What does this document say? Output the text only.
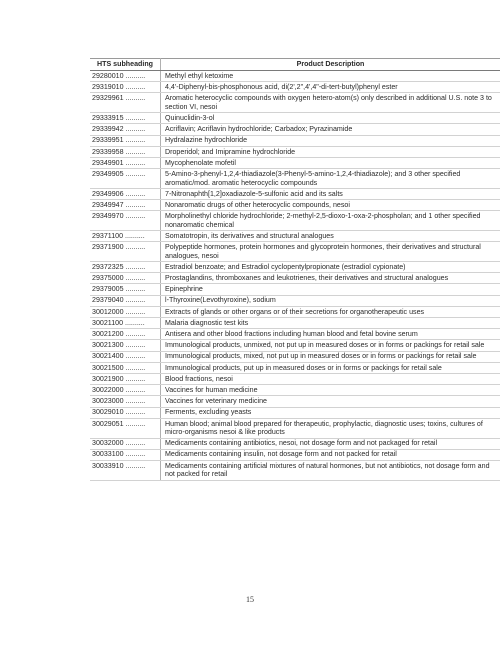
HTS subheading	Product Description
29280010 ..........	Methyl ethyl ketoxime
29319010 ..........	4,4'-Diphenyl-bis-phosphonous acid, di(2',2",4',4"-di-tert-butyl)phenyl ester
29329961 ..........	Aromatic heterocyclic compounds with oxygen hetero-atom(s) only described in additional U.S. note 3 to section VI, nesoi
29333915 ..........	Quinuclidin-3-ol
29339942 ..........	Acriflavin; Acriflavin hydrochloride; Carbadox; Pyrazinamide
29339951 ..........	Hydralazine hydrochloride
29339958 ..........	Droperidol; and Imipramine hydrochloride
29349901 ..........	Mycophenolate mofetil
29349905 ..........	5-Amino-3-phenyl-1,2,4-thiadiazole(3-Phenyl-5-amino-1,2,4-thiadiazole); and 3 other specified aromatic/mod. aromatic heterocyclic compounds
29349906 ..........	7-Nitronaphth[1,2]oxadiazole-5-sulfonic acid and its salts
29349947 ..........	Nonaromatic drugs of other heterocyclic compounds, nesoi
29349970 ..........	Morpholinethyl chloride hydrochloride; 2-methyl-2,5-dioxo-1-oxa-2-phospholan; and 1 other specified nonaromatic chemical
29371100 ..........	Somatotropin, its derivatives and structural analogues
29371900 ..........	Polypeptide hormones, protein hormones and glycoprotein hormones, their derivatives and structural analogues, nesoi
29372325 ..........	Estradiol benzoate; and Estradiol cyclopentylpropionate (estradiol cypionate)
29375000 ..........	Prostaglandins, thromboxanes and leukotrienes, their derivatives and structural analogues
29379005 ..........	Epinephrine
29379040 ..........	l-Thyroxine(Levothyroxine), sodium
30012000 ..........	Extracts of glands or other organs or of their secretions for organotherapeutic uses
30021100 ..........	Malaria diagnostic test kits
30021200 ..........	Antisera and other blood fractions including human blood and fetal bovine serum
30021300 ..........	Immunological products, unmixed, not put up in measured doses or in forms or packings for retail sale
30021400 ..........	Immunological products, mixed, not put up in measured doses or in forms or packings for retail sale
30021500 ..........	Immunological products, put up in measured doses or in forms or packings for retail sale
30021900 ..........	Blood fractions, nesoi
30022000 ..........	Vaccines for human medicine
30023000 ..........	Vaccines for veterinary medicine
30029010 ..........	Ferments, excluding yeasts
30029051 ..........	Human blood; animal blood prepared for therapeutic, prophylactic, diagnostic uses; toxins, cultures of micro-organisms nesoi & like products
30032000 ..........	Medicaments containing antibiotics, nesoi, not dosage form and not packaged for retail
30033100 ..........	Medicaments containing insulin, not dosage form and not packed for retail
30033910 ..........	Medicaments containing artificial mixtures of natural hormones, but not antibiotics, not dosage form and not packed for retail
15
